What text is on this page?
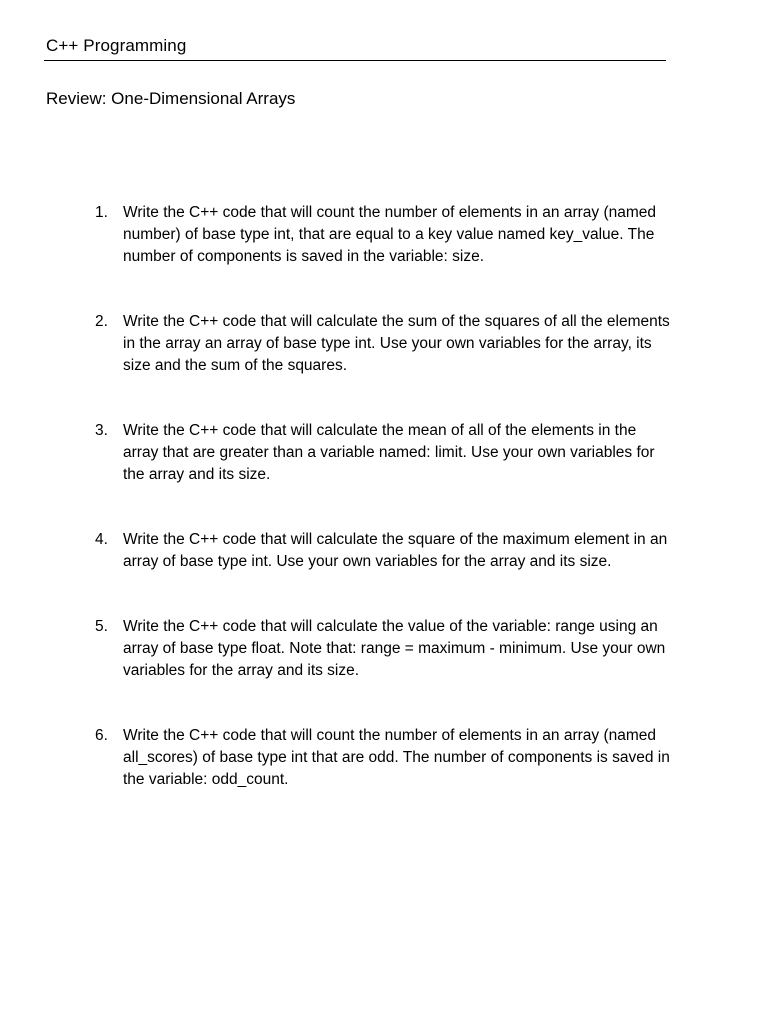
C++ Programming
Review: One-Dimensional Arrays
1. Write the C++ code that will count the number of elements in an array (named number) of base type int, that are equal to a key value named key_value. The number of components is saved in the variable: size.
2. Write the C++ code that will calculate the sum of the squares of all the elements in the array an array of base type int. Use your own variables for the array, its size and the sum of the squares.
3. Write the C++ code that will calculate the mean of all of the elements in the array that are greater than a variable named: limit. Use your own variables for the array and its size.
4. Write the C++ code that will calculate the square of the maximum element in an array of base type int. Use your own variables for the array and its size.
5. Write the C++ code that will calculate the value of the variable: range using an array of base type float. Note that: range = maximum - minimum. Use your own variables for the array and its size.
6. Write the C++ code that will count the number of elements in an array (named all_scores) of base type int that are odd. The number of components is saved in the variable: odd_count.
